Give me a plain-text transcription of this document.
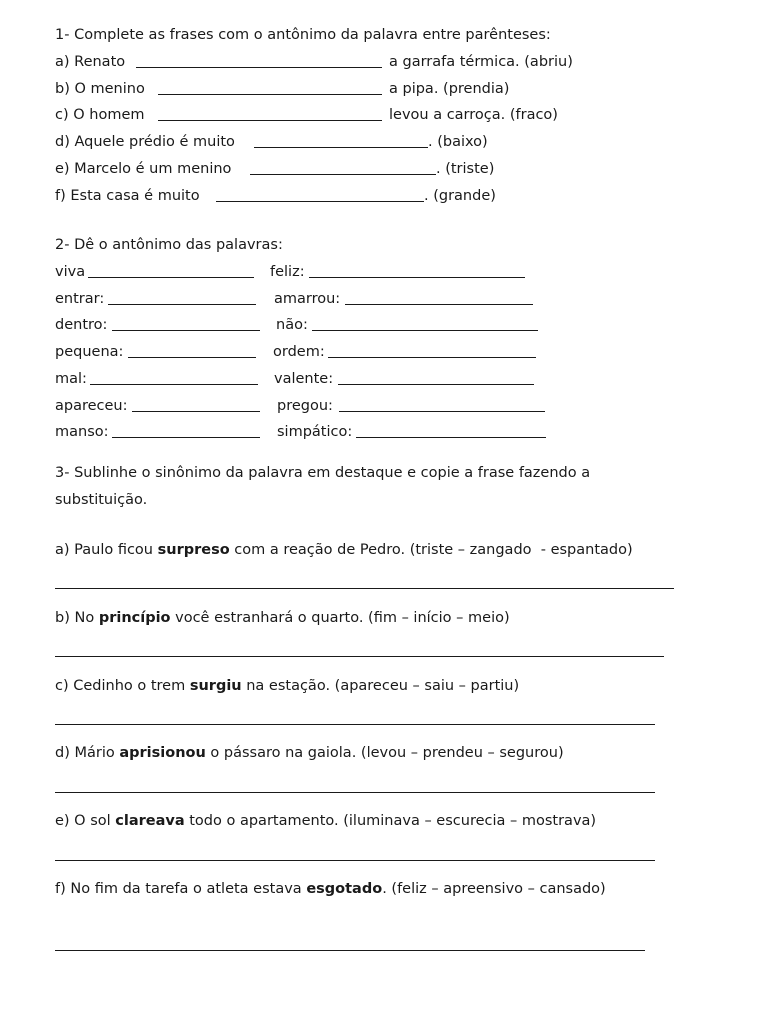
1- Complete as frases com o antônimo da palavra entre parênteses:
a) Renato	a garrafa térmica. (abriu)
b) O menino	a pipa. (prendia)
c) O homem	levou a carroça. (fraco)
d) Aquele prédio é muito	. (baixo)
e) Marcelo é um menino	. (triste)
f) Esta casa é muito	. (grande)
2- Dê o antônimo das palavras:
viva	feliz:
entrar:	amarrou:
dentro:	não:
pequena:	ordem:
mal:	valente:
apareceu:	pregou:
manso:	simpático:
3- Sublinhe o sinônimo da palavra em destaque e copie a frase fazendo a
substituição.
a) Paulo ficou surpreso com a reação de Pedro. (triste – zangado  - espantado)
b) No princípio você estranhará o quarto. (fim – início – meio)
c) Cedinho o trem surgiu na estação. (apareceu – saiu – partiu)
d) Mário aprisionou o pássaro na gaiola. (levou – prendeu – segurou)
e) O sol clareava todo o apartamento. (iluminava – escurecia – mostrava)
f) No fim da tarefa o atleta estava esgotado. (feliz – apreensivo – cansado)
